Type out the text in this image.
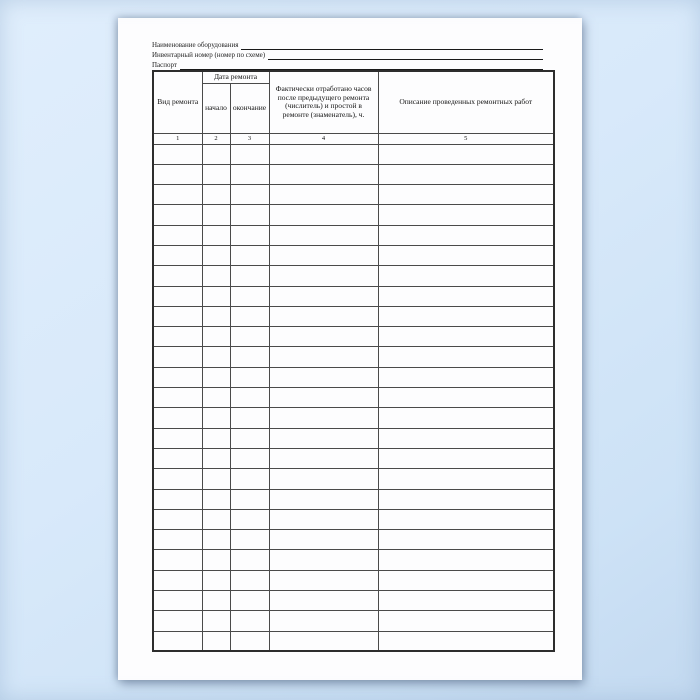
Наименование оборудования
Инвентарный номер (номер по схеме)
Паспорт
Вид ремонта	Дата ремонта		Фактически отработано часов после предыдущего ремонта (числитель) и простой в ремонте (знаменатель), ч.	Описание проведенных ремонтных работ
	начало	окончание		
1	2	3	4	5
